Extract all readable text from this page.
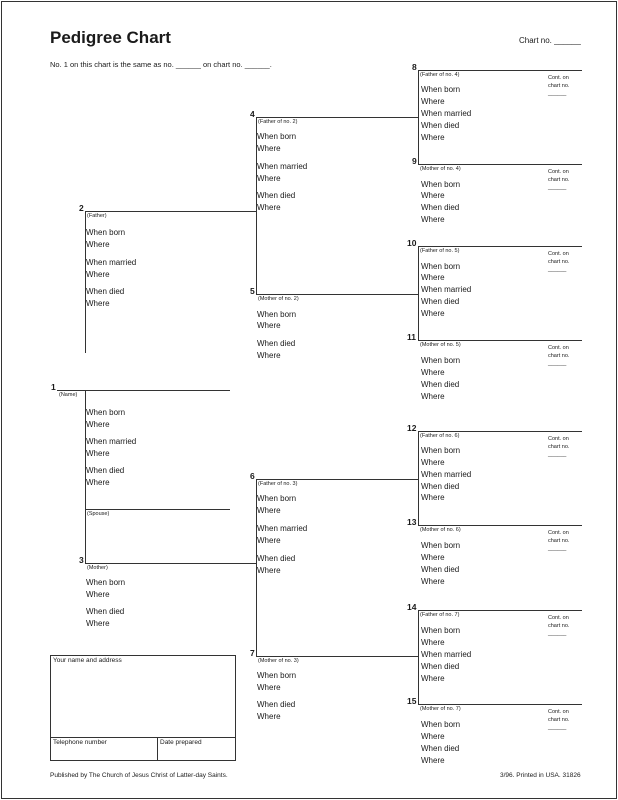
Pedigree Chart	Chart no. ______
No. 1 on this chart is the same as no. ______ on chart no. ______.
(Spouse)
Your name and address
Telephone number	Date prepared
Published by The Church of Jesus Christ of Latter-day Saints.	3/96. Printed in USA. 31826
1
(Name)
When born
Where
When married
Where
When died
Where
2
(Father)
When born
Where
When married
Where
When died
Where
3
(Mother)
When born
Where
When died
Where
4
(Father of no. 2)
When born
Where
When married
Where
When died
Where
5
(Mother of no. 2)
When born
Where
When died
Where
6
(Father of no. 3)
When born
Where
When married
Where
When died
Where
7
(Mother of no. 3)
When born
Where
When died
Where
8
(Father of no. 4)
When born
Where
When married
When died
Where
Cont. on
chart no.
______
9
(Mother of no. 4)
When born
Where
When died
Where
Cont. on
chart no.
______
10
(Father of no. 5)
When born
Where
When married
When died
Where
Cont. on
chart no.
______
11
(Mother of no. 5)
When born
Where
When died
Where
Cont. on
chart no.
______
12
(Father of no. 6)
When born
Where
When married
When died
Where
Cont. on
chart no.
______
13
(Mother of no. 6)
When born
Where
When died
Where
Cont. on
chart no.
______
14
(Father of no. 7)
When born
Where
When married
When died
Where
Cont. on
chart no.
______
15
(Mother of no. 7)
When born
Where
When died
Where
Cont. on
chart no.
______
